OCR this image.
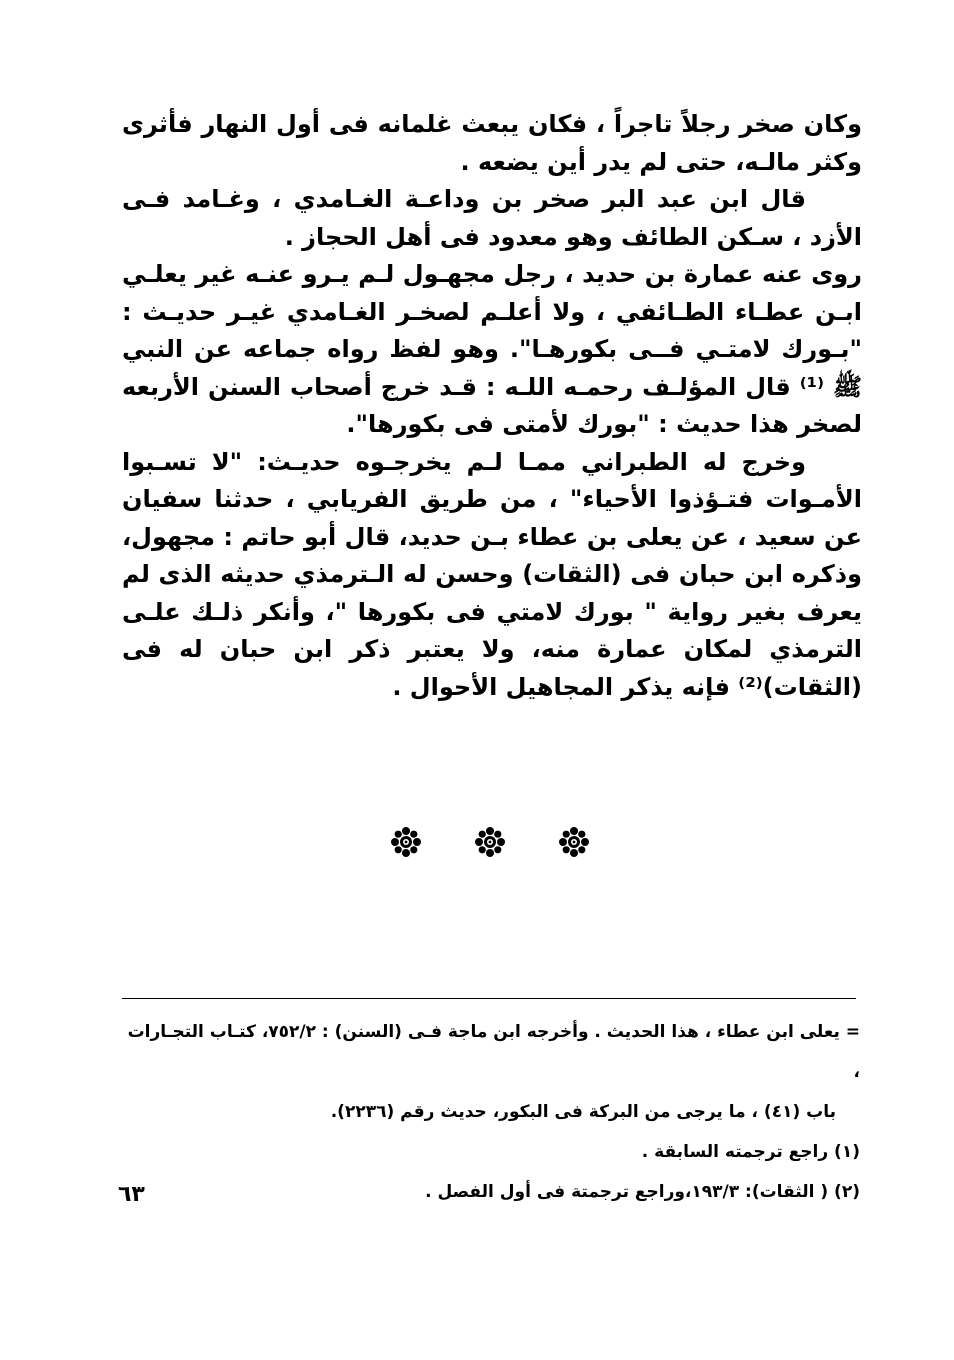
وكان صخر رجلاً تاجراً ، فكان يبعث غلمانه فى أول النهار فأثرى وكثر مالـه، حتى لم يدر أين يضعه .

قال ابن عبد البر صخر بن وداعـة الغـامدي ، وغـامد فـى الأزد ، سـكن الطائف وهو معدود فى أهل الحجاز .

روى عنه عمارة بن حديد ، رجل مجهـول لـم يـرو عنـه غير يعلـي ابـن عطـاء الطـائفي ، ولا أعلـم لصخـر الغـامدي غيـر حديـث : "بـورك لامتـي فــى بكورهـا". وهو لفظ رواه جماعه عن النبي ﷺ ⁽¹⁾ قال المؤلـف رحمـه اللـه : قـد خرج أصحاب السنن الأربعه لصخر هذا حديث : "بورك لأمتى فى بكورها".

وخرج له الطبراني ممـا لـم يخرجـوه حديـث: "لا تسـبوا الأمـوات فتـؤذوا الأحياء" ، من طريق الفريابي ، حدثنا سفيان عن سعيد ، عن يعلى بن عطاء بـن حديد، قال أبو حاتم : مجهول، وذكره ابن حبان فى (الثقات) وحسن له الـترمذي حديثه الذى لم يعرف بغير رواية " بورك لامتي فى بكورها "، وأنكر ذلـك علـى الترمذي لمكان عمارة منه، ولا يعتبر ذكر ابن حبان له فى (الثقات)⁽²⁾ فإنه يذكر المجاهيل الأحوال .

= يعلى ابن عطاء ، هذا الحديث . وأخرجه ابن ماجة فـى (السنن) : ٧٥٢/٢، كتـاب التجـارات ،

باب (٤١) ، ما يرجى من البركة فى البكور، حديث رقم (٢٢٣٦).

(١) راجع ترجمته السابقة .

(٢) ( الثقات): ١٩٣/٣،وراجع ترجمتة فى أول الفصل .

٦٣
